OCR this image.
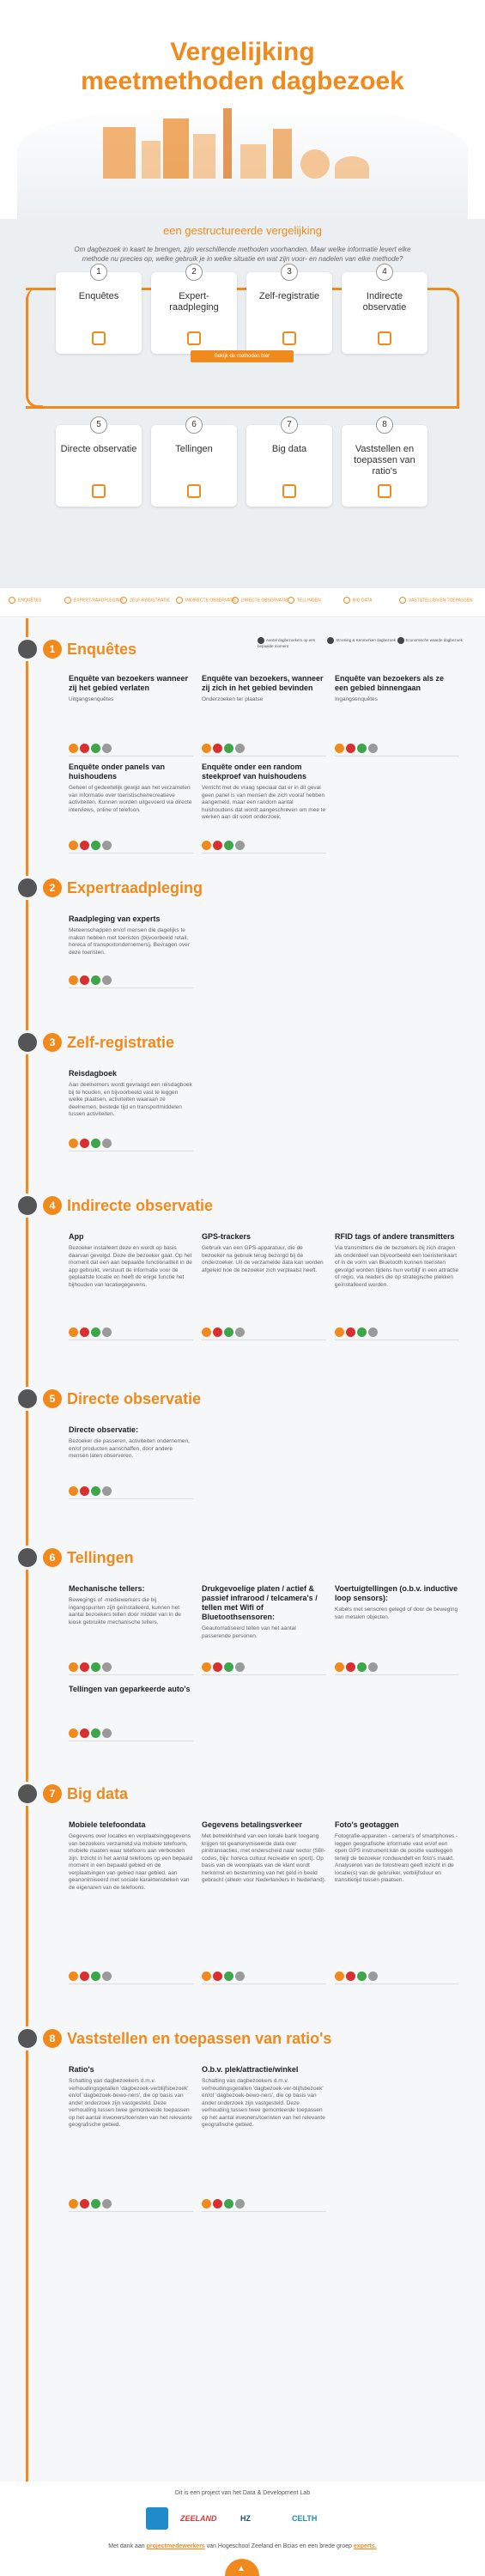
Vergelijking
meetmethoden dagbezoek
een gestructureerde vergelijking
Om dagbezoek in kaart te brengen, zijn verschillende methoden voorhanden. Maar welke informatie levert elke methode nu precies op, welke gebruik je in welke situatie en wat zijn voor- en nadelen van elke methode?
1
Enquêtes
2
Expert-raadpleging
3
Zelf-registratie
4
Indirecte observatie
Bekijk de methoden hier
5
Directe observatie
6
Tellingen
7
Big data
8
Vaststellen en toepassen van ratio's
ENQUÊTES	EXPERT-RAADPLEGING	ZELF-REGISTRATIE	INDIRECTE OBSERVATIE	DIRECTE OBSERVATIE	TELLINGEN	BIG DATA	VASTSTELLEN EN TOEPASSEN
1 Enquêtes
Aantal dagbezoekers op een bepaalde moment Stroming & Kenmerken dagbezoek	Economische waarde dagbezoek
Enquête van bezoekers wanneer zij het gebied verlaten
Uitgangsenquêtes
Enquête van bezoekers, wanneer zij zich in het gebied bevinden
Onderzoeken ter plaatse
Enquête van bezoekers als ze een gebied binnengaan
Ingangsenquêtes
Enquête onder panels van huishoudens
Geheel of gedeeltelijk gewijd aan het verzamelen van informatie over toeristische/recreatieve activiteiten. Kunnen worden uitgevoerd via directe interviews, online of telefoon.
Enquête onder een random steekproef van huishoudens
Verricht met de vraag speciaal dat er in dit geval geen panel is van mensen die zich vooraf hebben aangemeld, maar een random aantal huishoudens dat wordt aangeschreven om mee te werken aan dit soort onderzoek.
2 Expertraadpleging
Raadpleging van experts
Meteenschappen en/of mensen die dagelijks te maken hebben met toeristen (bijvoorbeeld retail, horeca of transportondernemers). Bevragen over deze toeristen.
3 Zelf-registratie
Reisdagboek
Aan deelnemers wordt gevraagd een reisdagboek bij te houden, en bijvoorbeeld vast te leggen welke plaatsen, activiteiten waaraan ze deelnemen, bestede tijd en transportmiddelen tussen activiteiten.
4 Indirecte observatie
App
Bezoeker installeert deze en wordt op basis daarvan gevolgd. Deze die bezoeker gaat. Op het moment dat een aan bepaalde functionaliteit in de app gebruikt, verstuurt de informatie voor de geplaatste locatie en heeft de enige functie het bijhouden van locatiegegevens.
GPS-trackers
Gebruik van een GPS-apparatuur, die de bezoeker na gebruik terug bezorgd bij de onderzoeker. Uit de verzamelde data kan worden afgeleid hoe de bezoeker zich verplaatst heeft.
RFID tags of andere transmitters
Via transmitters die de bezoekers bij zich dragen als onderdeel van bijvoorbeeld een toeristenkaart of in de vorm van Bluetooth kunnen toeristen gevolgd worden tijdens hun verblijf in een attractie of regio, via readers die op strategische plekken geïnstalleerd worden.
5 Directe observatie
Directe observatie:
Bezoeker die passeren, activiteiten ondernemen, en/of producten aanschaffen, door andere mensen laten observeren.
6 Tellingen
Mechanische tellers:
Bewegings of -mediewerkers die bij ingangspunten zijn geïnstalleerd, kunnen het aantal bezoekers tellen door middel van in de kiosk gebruikte mechanische tellers.
Drukgevoelige platen / actief & passief infrarood / telcamera's / tellen met Wifi of Bluetoothsensoren:
Geautomatiseerd tellen van het aantal passerende personen.
Voertuigtellingen (o.b.v. inductive loop sensors):
Kabels met sensoren gelegd of door de beweging van metalen objecten.
Tellingen van geparkeerde auto's
7 Big data
Mobiele telefoondata
Gegevens over locaties en verplaatsinggegevens van bezoekers verzameld via mobiele telefoons, mobiele masten waar telefoons aan verbonden zijn. Inzicht in het aantal telefoons op een bepaald moment in een bepaald gebied en de verplaatsingen van gebied naar gebied, aan geanonimiseerd met sociale karakteristieken van de eigenaren van de telefoons.
Gegevens betalingsverkeer
Met betrekkinheid van een lokale bank toegang krijgen tot geanonymiseerde data over pinitransacties, met onderscheid naar sector (SBI-codes, bijv. horeca cultuur recreatie en sport). Op basis van de woonplaats van de klant wordt herkomst en bestemming van het geld in beeld gebracht (alleen voor Nederlanders in Nederland).
Foto's geotaggen
Fotografie-apparaten - camera's of smartphones - leggen geografische informatie vast en/of een open GPS instrument kan de positie vastleggen terwijl de bezoeker rondwandelt en foto's maakt. Analyseren van de fotostream geeft inzicht in de locatie(s) van de gebruiker, verblijfsduur en transitietijd tussen plaatsen.
8 Vaststellen en toepassen van ratio's
Ratio's
Schatting van dagbezoekers d.m.v. verhoudingsgetallen 'dagbezoek-verblijfsbezoek' en/of 'dagbezoek-bewo-ners', die op basis van ander onderzoek zijn vastgesteld. Deze verhouding tussen twee gemonteerde toepassen op het aantal inwoners/toeristen van het relevante geografische gebied.
O.b.v. plek/attractie/winkel
Schatting van dagbezoekers d.m.v. verhoudingsgetallen 'dagbezoek-ver-blijfsbezoek' en/of 'dagbezoek-bewo-ners', die op basis van ander onderzoek zijn vastgesteld. Deze verhouding tussen twee gemonteerde toepassen op het aantal inwoners/toeristen van het relevante geografische gebied.
Dit is een project van het Data & Development Lab
ZEELAND	HZ	CELTH
Met dank aan projectmedewerkers van Hogeschool Zeeland en Bcias en een brede groep experts.
▲
